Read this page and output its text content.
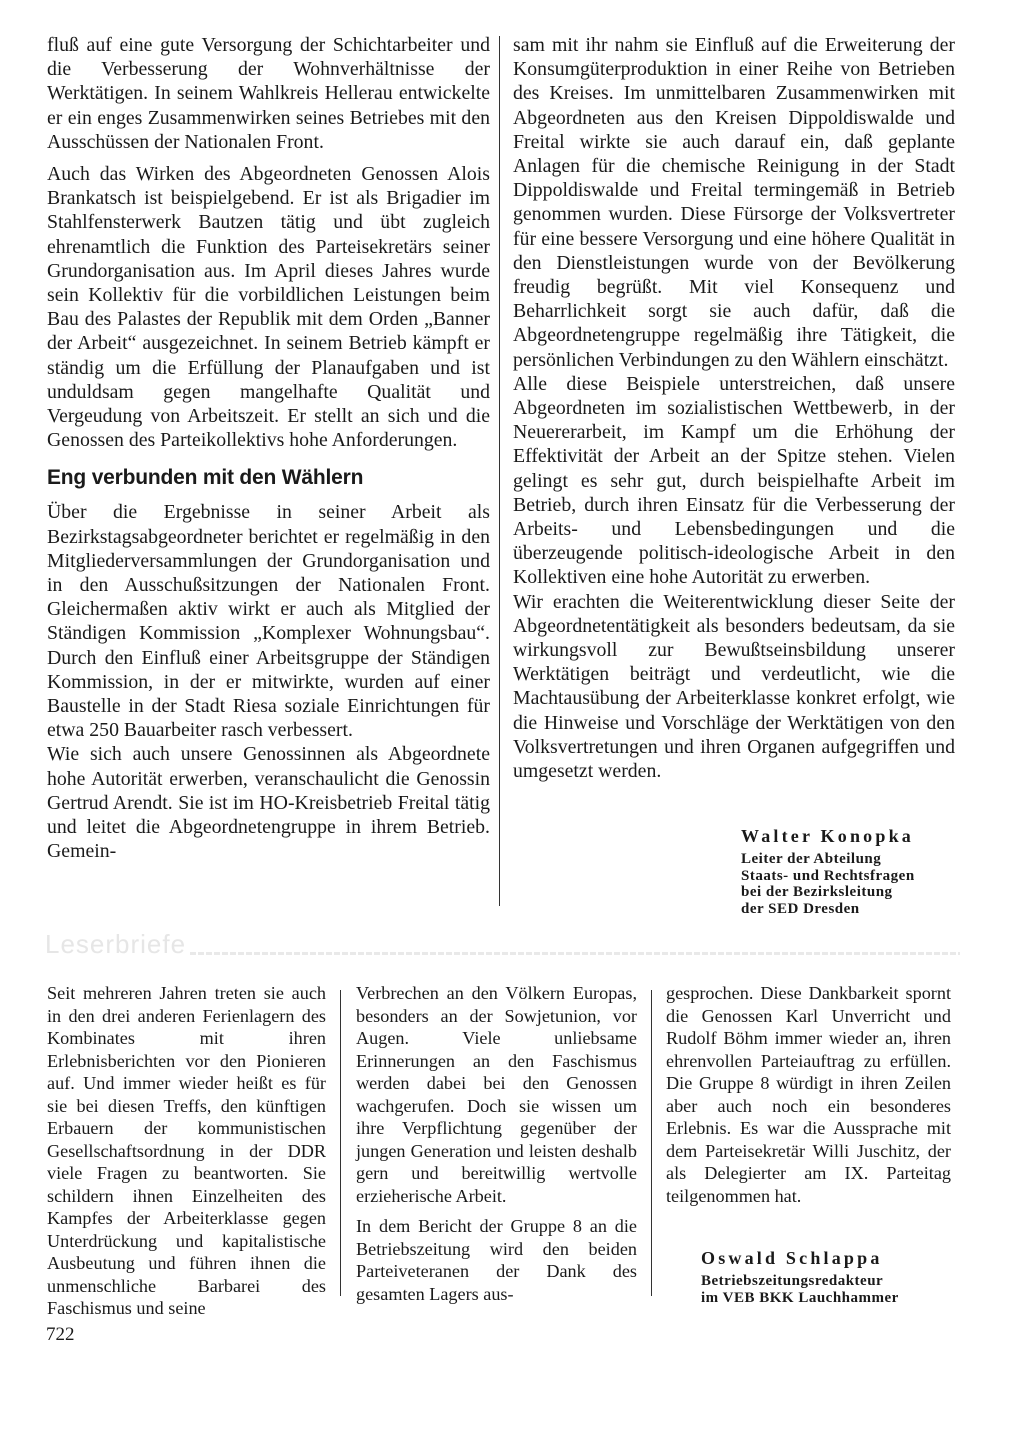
fluß auf eine gute Versorgung der Schichtarbeiter und die Verbesserung der Wohnverhältnisse der Werktätigen. In seinem Wahlkreis Hellerau entwickelte er ein enges Zusammenwirken seines Betriebes mit den Ausschüssen der Nationalen Front.

Auch das Wirken des Abgeordneten Genossen Alois Brankatsch ist beispielgebend. Er ist als Brigadier im Stahlfensterwerk Bautzen tätig und übt zugleich ehrenamtlich die Funktion des Parteisekretärs seiner Grundorganisation aus. Im April dieses Jahres wurde sein Kollektiv für die vorbildlichen Leistungen beim Bau des Palastes der Republik mit dem Orden „Banner der Arbeit“ ausgezeichnet. In seinem Betrieb kämpft er ständig um die Erfüllung der Planaufgaben und ist unduldsam gegen mangelhafte Qualität und Vergeudung von Arbeitszeit. Er stellt an sich und die Genossen des Parteikollektivs hohe Anforderungen.

Eng verbunden mit den Wählern

Über die Ergebnisse in seiner Arbeit als Bezirkstagsabgeordneter berichtet er regelmäßig in den Mitgliederversammlungen der Grundorganisation und in den Ausschußsitzungen der Nationalen Front. Gleichermaßen aktiv wirkt er auch als Mitglied der Ständigen Kommission „Komplexer Wohnungsbau“. Durch den Einfluß einer Arbeitsgruppe der Ständigen Kommission, in der er mitwirkte, wurden auf einer Baustelle in der Stadt Riesa soziale Einrichtungen für etwa 250 Bauarbeiter rasch verbessert.

Wie sich auch unsere Genossinnen als Abgeordnete hohe Autorität erwerben, veranschaulicht die Genossin Gertrud Arendt. Sie ist im HO-Kreisbetrieb Freital tätig und leitet die Abgeordnetengruppe in ihrem Betrieb. Gemein-

sam mit ihr nahm sie Einfluß auf die Erweiterung der Konsumgüterproduktion in einer Reihe von Betrieben des Kreises. Im unmittelbaren Zusammenwirken mit Abgeordneten aus den Kreisen Dippoldiswalde und Freital wirkte sie auch darauf ein, daß geplante Anlagen für die chemische Reinigung in der Stadt Dippoldiswalde und Freital termingemäß in Betrieb genommen wurden. Diese Fürsorge der Volksvertreter für eine bessere Versorgung und eine höhere Qualität in den Dienstleistungen wurde von der Bevölkerung freudig begrüßt. Mit viel Konsequenz und Beharrlichkeit sorgt sie auch dafür, daß die Abgeordnetengruppe regelmäßig ihre Tätigkeit, die persönlichen Verbindungen zu den Wählern einschätzt.

Alle diese Beispiele unterstreichen, daß unsere Abgeordneten im sozialistischen Wettbewerb, in der Neuererarbeit, im Kampf um die Erhöhung der Effektivität der Arbeit an der Spitze stehen. Vielen gelingt es sehr gut, durch beispielhafte Arbeit im Betrieb, durch ihren Einsatz für die Verbesserung der Arbeits- und Lebensbedingungen und die überzeugende politisch-ideologische Arbeit in den Kollektiven eine hohe Autorität zu erwerben.

Wir erachten die Weiterentwicklung dieser Seite der Abgeordnetentätigkeit als besonders bedeutsam, da sie wirkungsvoll zur Bewußtseinsbildung unserer Werktätigen beiträgt und verdeutlicht, wie die Machtausübung der Arbeiterklasse konkret erfolgt, wie die Hinweise und Vorschläge der Werktätigen von den Volksvertretungen und ihren Organen aufgegriffen und umgesetzt werden.

Walter Konopka
Leiter der Abteilung
Staats- und Rechtsfragen
bei der Bezirksleitung
der SED Dresden
Leserbriefe

Seit mehreren Jahren treten sie auch in den drei anderen Ferienlagern des Kombinates mit ihren Erlebnisberichten vor den Pionieren auf. Und immer wieder heißt es für sie bei diesen Treffs, den künftigen Erbauern der kommunistischen Gesellschaftsordnung in der DDR viele Fragen zu beantworten. Sie schildern ihnen Einzelheiten des Kampfes der Arbeiterklasse gegen Unterdrückung und kapitalistische Ausbeutung und führen ihnen die unmenschliche Barbarei des Faschismus und seine

Verbrechen an den Völkern Europas, besonders an der Sowjetunion, vor Augen. Viele unliebsame Erinnerungen an den Faschismus werden dabei bei den Genossen wachgerufen. Doch sie wissen um ihre Verpflichtung gegenüber der jungen Generation und leisten deshalb gern und bereitwillig wertvolle erzieherische Arbeit.

In dem Bericht der Gruppe 8 an die Betriebszeitung wird den beiden Parteiveteranen der Dank des gesamten Lagers aus-

gesprochen. Diese Dankbarkeit spornt die Genossen Karl Unverricht und Rudolf Böhm immer wieder an, ihren ehrenvollen Parteiauftrag zu erfüllen. Die Gruppe 8 würdigt in ihren Zeilen aber auch noch ein besonderes Erlebnis. Es war die Aussprache mit dem Parteisekretär Willi Juschitz, der als Delegierter am IX. Parteitag teilgenommen hat.

Oswald Schlappa
Betriebszeitungsredakteur
im VEB BKK Lauchhammer
722
